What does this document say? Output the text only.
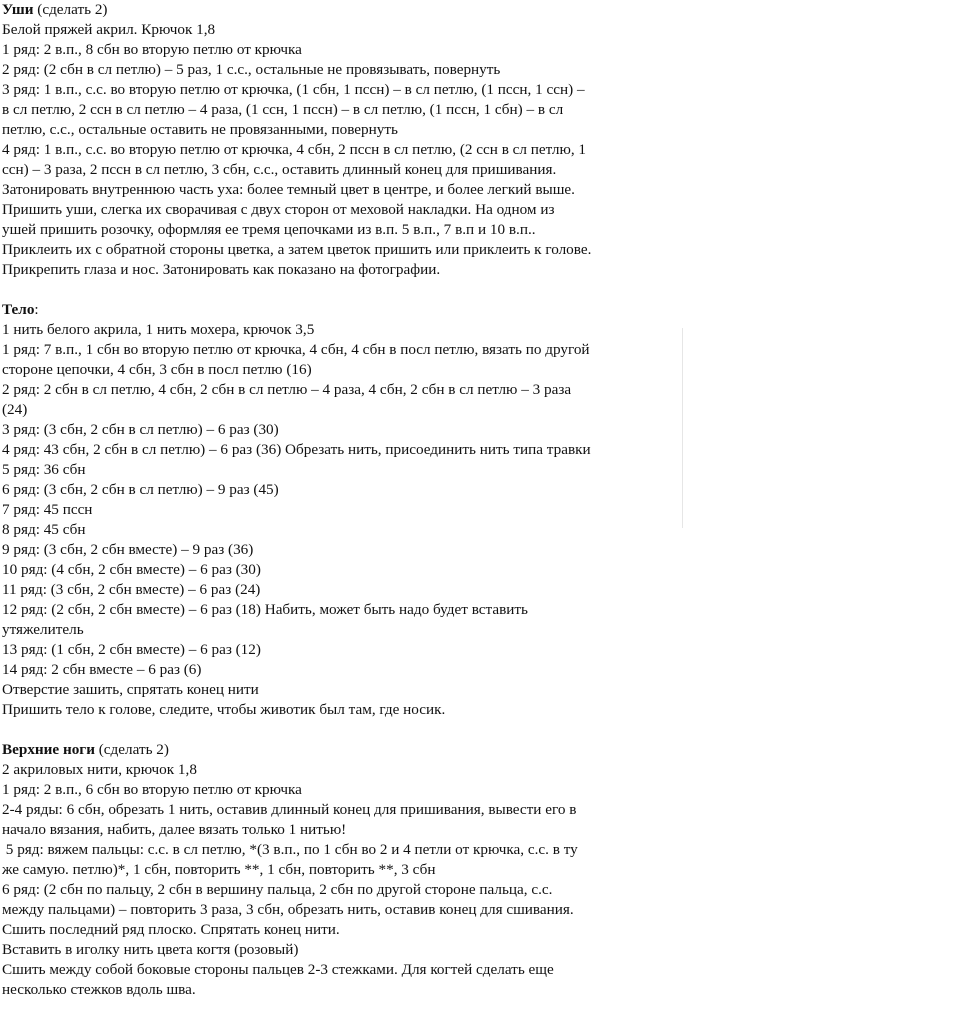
Уши (сделать 2)
Белой пряжей акрил. Крючок 1,8
1 ряд: 2 в.п., 8 сбн во вторую петлю от крючка
2 ряд: (2 сбн в сл петлю) – 5 раз, 1 с.с., остальные не провязывать, повернуть
3 ряд: 1 в.п., с.с. во вторую петлю от крючка, (1 сбн, 1 пссн) – в сл петлю, (1 пссн, 1 ссн) –
в сл петлю, 2 ссн в сл петлю – 4 раза, (1 ссн, 1 пссн) – в сл петлю, (1 пссн, 1 сбн) – в сл
петлю, с.с., остальные оставить не провязанными, повернуть
4 ряд: 1 в.п., с.с. во вторую петлю от крючка, 4 сбн, 2 пссн в сл петлю, (2 ссн в сл петлю, 1
ссн) – 3 раза, 2 пссн в сл петлю, 3 сбн, с.с., оставить длинный конец для пришивания.
Затонировать внутреннюю часть уха: более темный цвет в центре, и более легкий выше.
Пришить уши, слегка их сворачивая с двух сторон от меховой накладки. На одном из
ушей пришить розочку, оформляя ее тремя цепочками из в.п. 5 в.п., 7 в.п и 10 в.п..
Приклеить их с обратной стороны цветка, а затем цветок пришить или приклеить к голове.
Прикрепить глаза и нос. Затонировать как показано на фотографии.
Тело:
1 нить белого акрила, 1 нить мохера, крючок 3,5
1 ряд: 7 в.п., 1 сбн во вторую петлю от крючка, 4 сбн, 4 сбн в посл петлю, вязать по другой
стороне цепочки, 4 сбн, 3 сбн в посл петлю (16)
2 ряд: 2 сбн в сл петлю, 4 сбн, 2 сбн в сл петлю – 4 раза, 4 сбн, 2 сбн в сл петлю – 3 раза
(24)
3 ряд: (3 сбн, 2 сбн в сл петлю) – 6 раз (30)
4 ряд: 43 сбн, 2 сбн в сл петлю) – 6 раз (36) Обрезать нить, присоединить нить типа травки
5 ряд: 36 сбн
6 ряд: (3 сбн, 2 сбн в сл петлю) – 9 раз (45)
7 ряд: 45 пссн
8 ряд: 45 сбн
9 ряд: (3 сбн, 2 сбн вместе) – 9 раз (36)
10 ряд: (4 сбн, 2 сбн вместе) – 6 раз (30)
11 ряд: (3 сбн, 2 сбн вместе) – 6 раз (24)
12 ряд: (2 сбн, 2 сбн вместе) – 6 раз (18) Набить, может быть надо будет вставить
утяжелитель
13 ряд: (1 сбн, 2 сбн вместе) – 6 раз (12)
14 ряд: 2 сбн вместе – 6 раз (6)
Отверстие зашить, спрятать конец нити
Пришить тело к голове, следите, чтобы животик был там, где носик.
Верхние ноги (сделать 2)
2 акриловых нити, крючок 1,8
1 ряд: 2 в.п., 6 сбн во вторую петлю от крючка
2-4 ряды: 6 сбн, обрезать 1 нить, оставив длинный конец для пришивания, вывести его в
начало вязания, набить, далее вязать только 1 нитью!
5 ряд: вяжем пальцы: с.с. в сл петлю, *(3 в.п., по 1 сбн во 2 и 4 петли от крючка, с.с. в ту
же самую. петлю)*, 1 сбн, повторить **, 1 сбн, повторить **, 3 сбн
6 ряд: (2 сбн по пальцу, 2 сбн в вершину пальца, 2 сбн по другой стороне пальца, с.с.
между пальцами) – повторить 3 раза, 3 сбн, обрезать нить, оставив конец для сшивания.
Сшить последний ряд плоско. Спрятать конец нити.
Вставить в иголку нить цвета когтя (розовый)
Сшить между собой боковые стороны пальцев 2-3 стежками. Для когтей сделать еще
несколько стежков вдоль шва.
